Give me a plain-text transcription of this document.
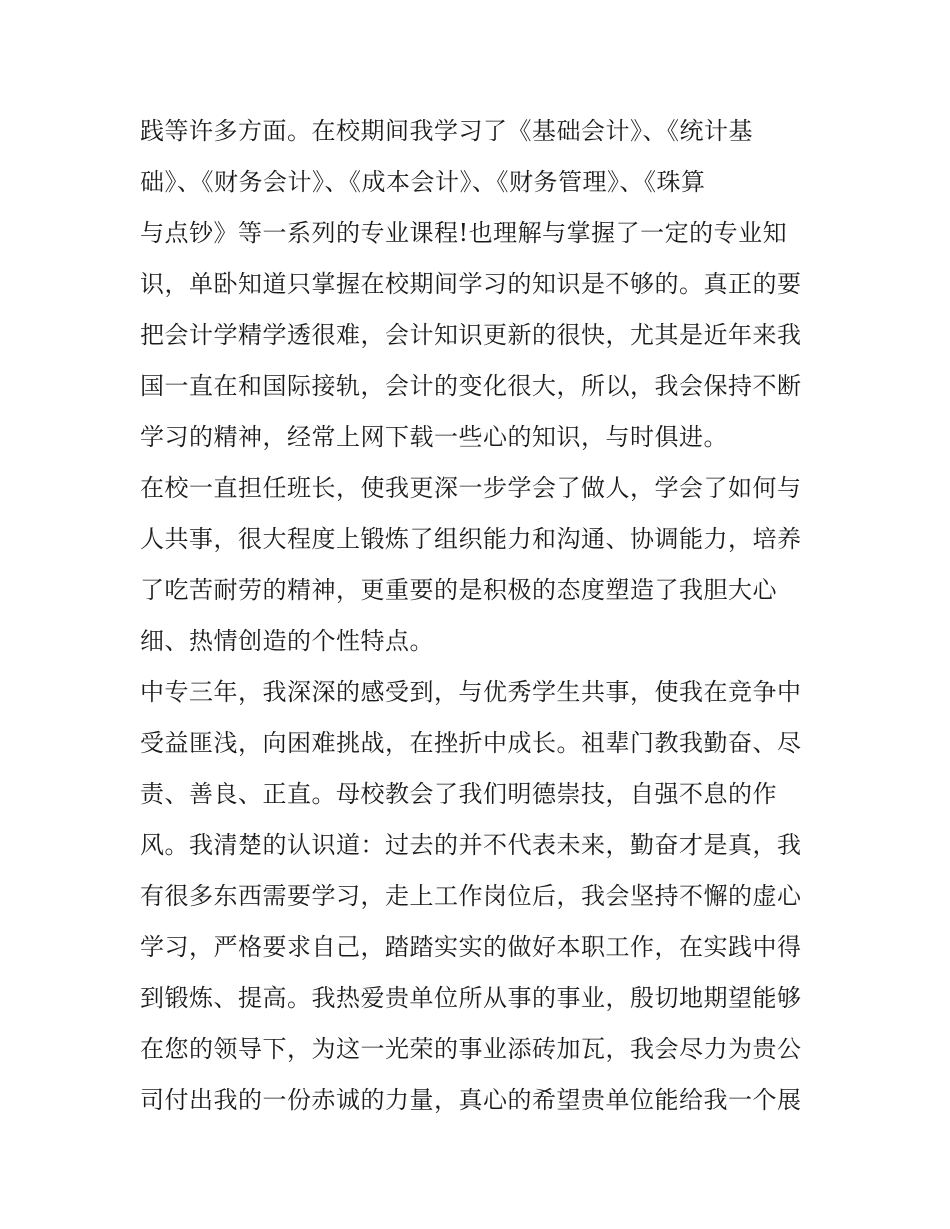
践等许多方面。在校期间我学习了《基础会计》、《统计基
础》、《财务会计》、《成本会计》、《财务管理》、《珠算
与点钞》等一系列的专业课程!也理解与掌握了一定的专业知
识，单卧知道只掌握在校期间学习的知识是不够的。真正的要
把会计学精学透很难，会计知识更新的很快，尤其是近年来我
国一直在和国际接轨，会计的变化很大，所以，我会保持不断
学习的精神，经常上网下载一些心的知识，与时俱进。
在校一直担任班长，使我更深一步学会了做人，学会了如何与
人共事，很大程度上锻炼了组织能力和沟通、协调能力，培养
了吃苦耐劳的精神，更重要的是积极的态度塑造了我胆大心
细、热情创造的个性特点。
中专三年，我深深的感受到，与优秀学生共事，使我在竞争中
受益匪浅，向困难挑战，在挫折中成长。祖辈门教我勤奋、尽
责、善良、正直。母校教会了我们明德崇技，自强不息的作
风。我清楚的认识道：过去的并不代表未来，勤奋才是真，我
有很多东西需要学习，走上工作岗位后，我会坚持不懈的虚心
学习，严格要求自己，踏踏实实的做好本职工作，在实践中得
到锻炼、提高。我热爱贵单位所从事的事业，殷切地期望能够
在您的领导下，为这一光荣的事业添砖加瓦，我会尽力为贵公
司付出我的一份赤诚的力量，真心的希望贵单位能给我一个展
